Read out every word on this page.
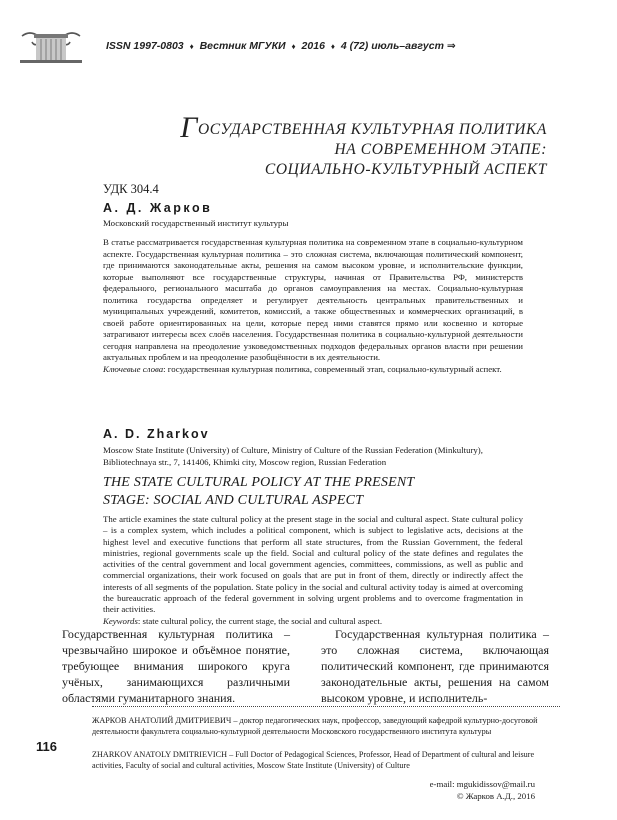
ISSN 1997-0803 ♦ Вестник МГУКИ ♦ 2016 ♦ 4 (72) июль–август ⇒
ГОСУДАРСТВЕННАЯ КУЛЬТУРНАЯ ПОЛИТИКА
НА СОВРЕМЕННОМ ЭТАПЕ:
СОЦИАЛЬНО-КУЛЬТУРНЫЙ АСПЕКТ
УДК 304.4
А. Д. Жарков
Московский государственный институт культуры
В статье рассматривается государственная культурная политика на современном этапе в социально-культурном аспекте. Государственная культурная политика – это сложная система, включающая политический компонент, где принимаются законодательные акты, решения на самом высоком уровне, и исполнительские функции, которые выполняют все государственные структуры, начиная от Правительства РФ, министерств федерального, регионального масштаба до органов самоуправления на местах. Социально-культурная политика государства определяет и регулирует деятельность центральных правительственных и муниципальных учреждений, комитетов, комиссий, а также общественных и коммерческих организаций, в своей работе ориентированных на цели, которые перед ними ставятся прямо или косвенно и которые затрагивают интересы всех слоёв населения. Государственная политика в социально-культурной деятельности сегодня направлена на преодоление узковедомственных подходов федеральных органов власти при решении актуальных проблем и на преодоление разобщённости в их деятельности.
Ключевые слова: государственная культурная политика, современный этап, социально-культурный аспект.
A. D. Zharkov
Moscow State Institute (University) of Culture, Ministry of Culture of the Russian Federation (Minkultury), Bibliotechnaya str., 7, 141406, Khimki city, Moscow region, Russian Federation
THE STATE CULTURAL POLICY AT THE PRESENT
STAGE: SOCIAL AND CULTURAL ASPECT
The article examines the state cultural policy at the present stage in the social and cultural aspect. State cultural policy – is a complex system, which includes a political component, which is subject to legislative acts, decisions at the highest level and executive functions that perform all state structures, from the Russian Government, the federal ministries, regional governments scale up the field. Social and cultural policy of the state defines and regulates the activities of the central government and local government agencies, committees, commissions, as well as public and commercial organizations, their work focused on goals that are put in front of them, directly or indirectly affect the interests of all segments of the population. State policy in the social and cultural activity today is aimed at overcoming the bureaucratic approach of the federal government in solving urgent problems and to overcome fragmentation in their activities.
Keywords: state cultural policy, the current stage, the social and cultural aspect.
Государственная культурная политика – чрезвычайно широкое и объёмное понятие, требующее внимания широкого круга учёных, занимающихся различными областями гуманитарного знания.
Государственная культурная политика – это сложная система, включающая политический компонент, где принимаются законодательные акты, решения на самом высоком уровне, и исполнитель-
116
ЖАРКОВ АНАТОЛИЙ ДМИТРИЕВИЧ – доктор педагогических наук, профессор, заведующий кафедрой культурно-досуговой деятельности факультета социально-культурной деятельности Московского государственного института культуры
ZHARKOV ANATOLY DMITRIEVICH – Full Doctor of Pedagogical Sciences, Professor, Head of Department of cultural and leisure activities, Faculty of social and cultural activities, Moscow State Institute (University) of Culture
e-mail: mgukidissov@mail.ru
© Жарков А.Д., 2016
